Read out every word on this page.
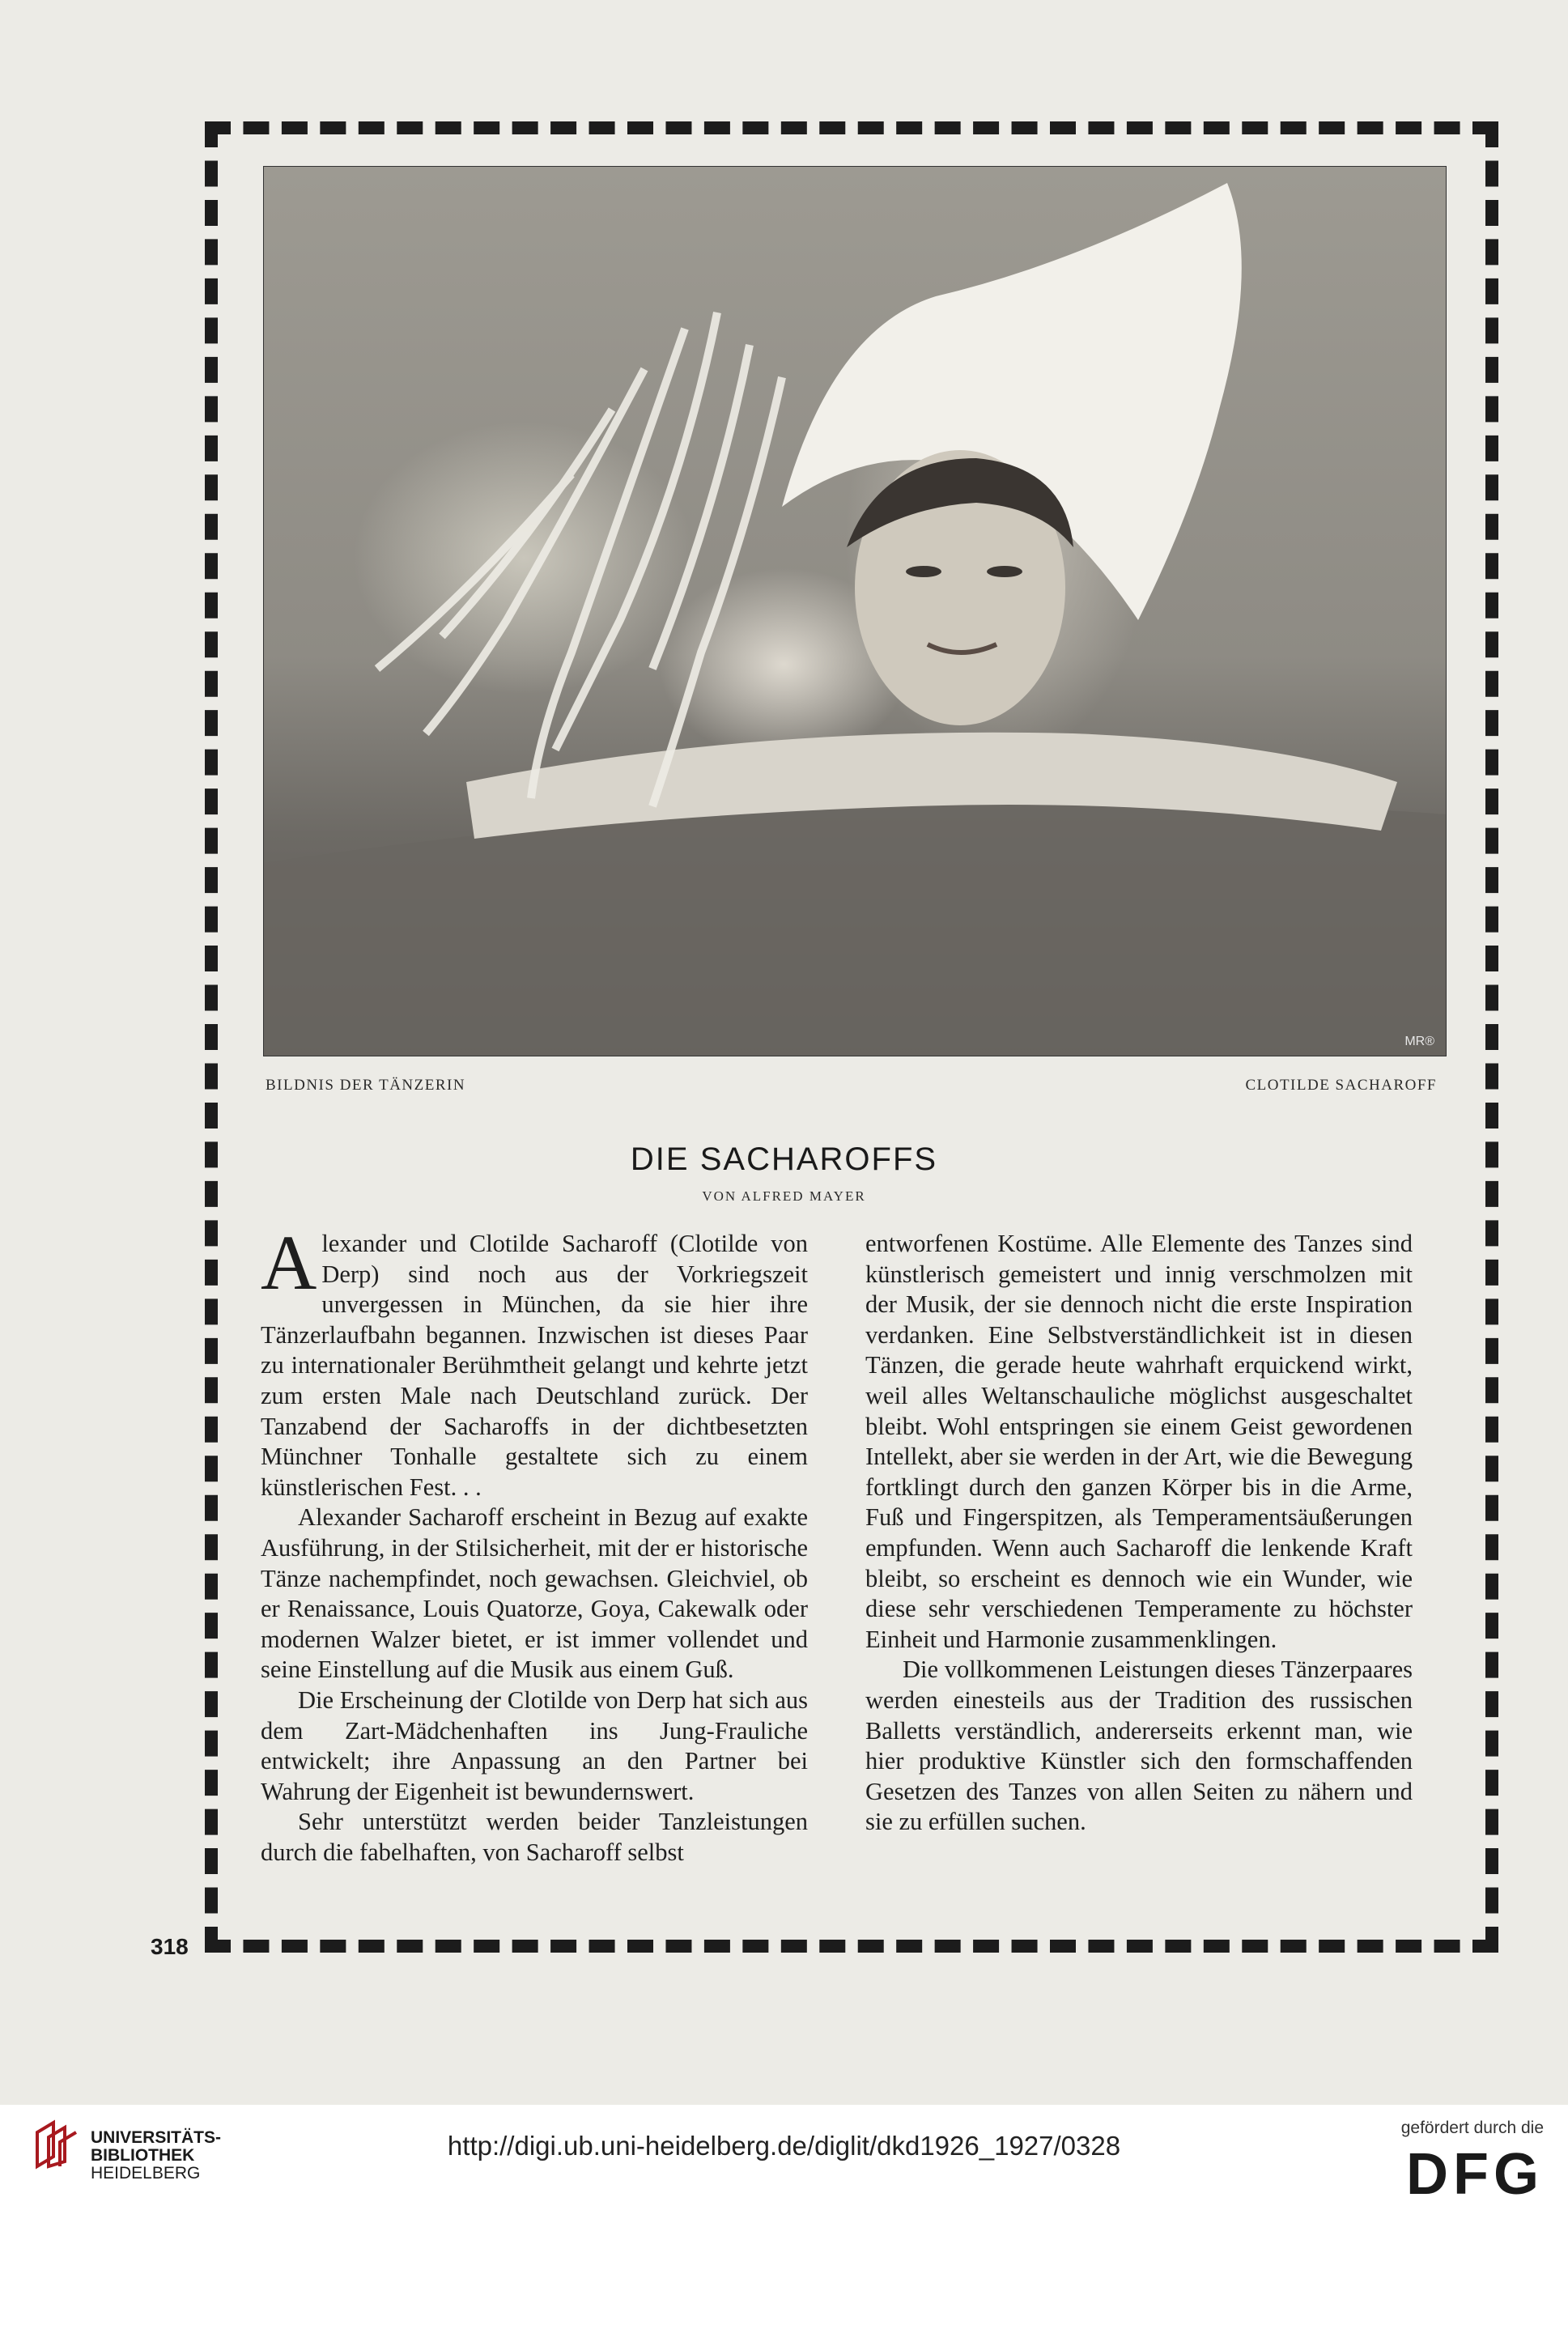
MR®
BILDNIS DER TÄNZERIN	CLOTILDE SACHAROFF
DIE SACHAROFFS
VON ALFRED MAYER

Alexander und Clotilde Sacharoff (Clotilde von Derp) sind noch aus der Vorkriegszeit unvergessen in München, da sie hier ihre Tänzerlaufbahn begannen. Inzwischen ist dieses Paar zu internationaler Berühmtheit gelangt und kehrte jetzt zum ersten Male nach Deutschland zurück. Der Tanzabend der Sacharoffs in der dichtbesetzten Münchner Tonhalle gestaltete sich zu einem künstlerischen Fest. . .

Alexander Sacharoff erscheint in Bezug auf exakte Ausführung, in der Stilsicherheit, mit der er historische Tänze nachempfindet, noch gewachsen. Gleichviel, ob er Renaissance, Louis Quatorze, Goya, Cakewalk oder modernen Walzer bietet, er ist immer vollendet und seine Einstellung auf die Musik aus einem Guß.

Die Erscheinung der Clotilde von Derp hat sich aus dem Zart-Mädchenhaften ins Jung-Frauliche entwickelt; ihre Anpassung an den Partner bei Wahrung der Eigenheit ist bewundernswert.

Sehr unterstützt werden beider Tanzleistungen durch die fabelhaften, von Sacharoff selbst

entworfenen Kostüme. Alle Elemente des Tanzes sind künstlerisch gemeistert und innig verschmolzen mit der Musik, der sie dennoch nicht die erste Inspiration verdanken. Eine Selbstverständlichkeit ist in diesen Tänzen, die gerade heute wahrhaft erquickend wirkt, weil alles Weltanschauliche möglichst ausgeschaltet bleibt. Wohl entspringen sie einem Geist gewordenen Intellekt, aber sie werden in der Art, wie die Bewegung fortklingt durch den ganzen Körper bis in die Arme, Fuß und Fingerspitzen, als Temperamentsäußerungen empfunden. Wenn auch Sacharoff die lenkende Kraft bleibt, so erscheint es dennoch wie ein Wunder, wie diese sehr verschiedenen Temperamente zu höchster Einheit und Harmonie zusammenklingen.

Die vollkommenen Leistungen dieses Tänzerpaares werden einesteils aus der Tradition des russischen Balletts verständlich, andererseits erkennt man, wie hier produktive Künstler sich den formschaffenden Gesetzen des Tanzes von allen Seiten zu nähern und sie zu erfüllen suchen.

318
UNIVERSITÄTS-
BIBLIOTHEK
HEIDELBERG
http://digi.ub.uni-heidelberg.de/diglit/dkd1926_1927/0328
gefördert durch die
DFG
